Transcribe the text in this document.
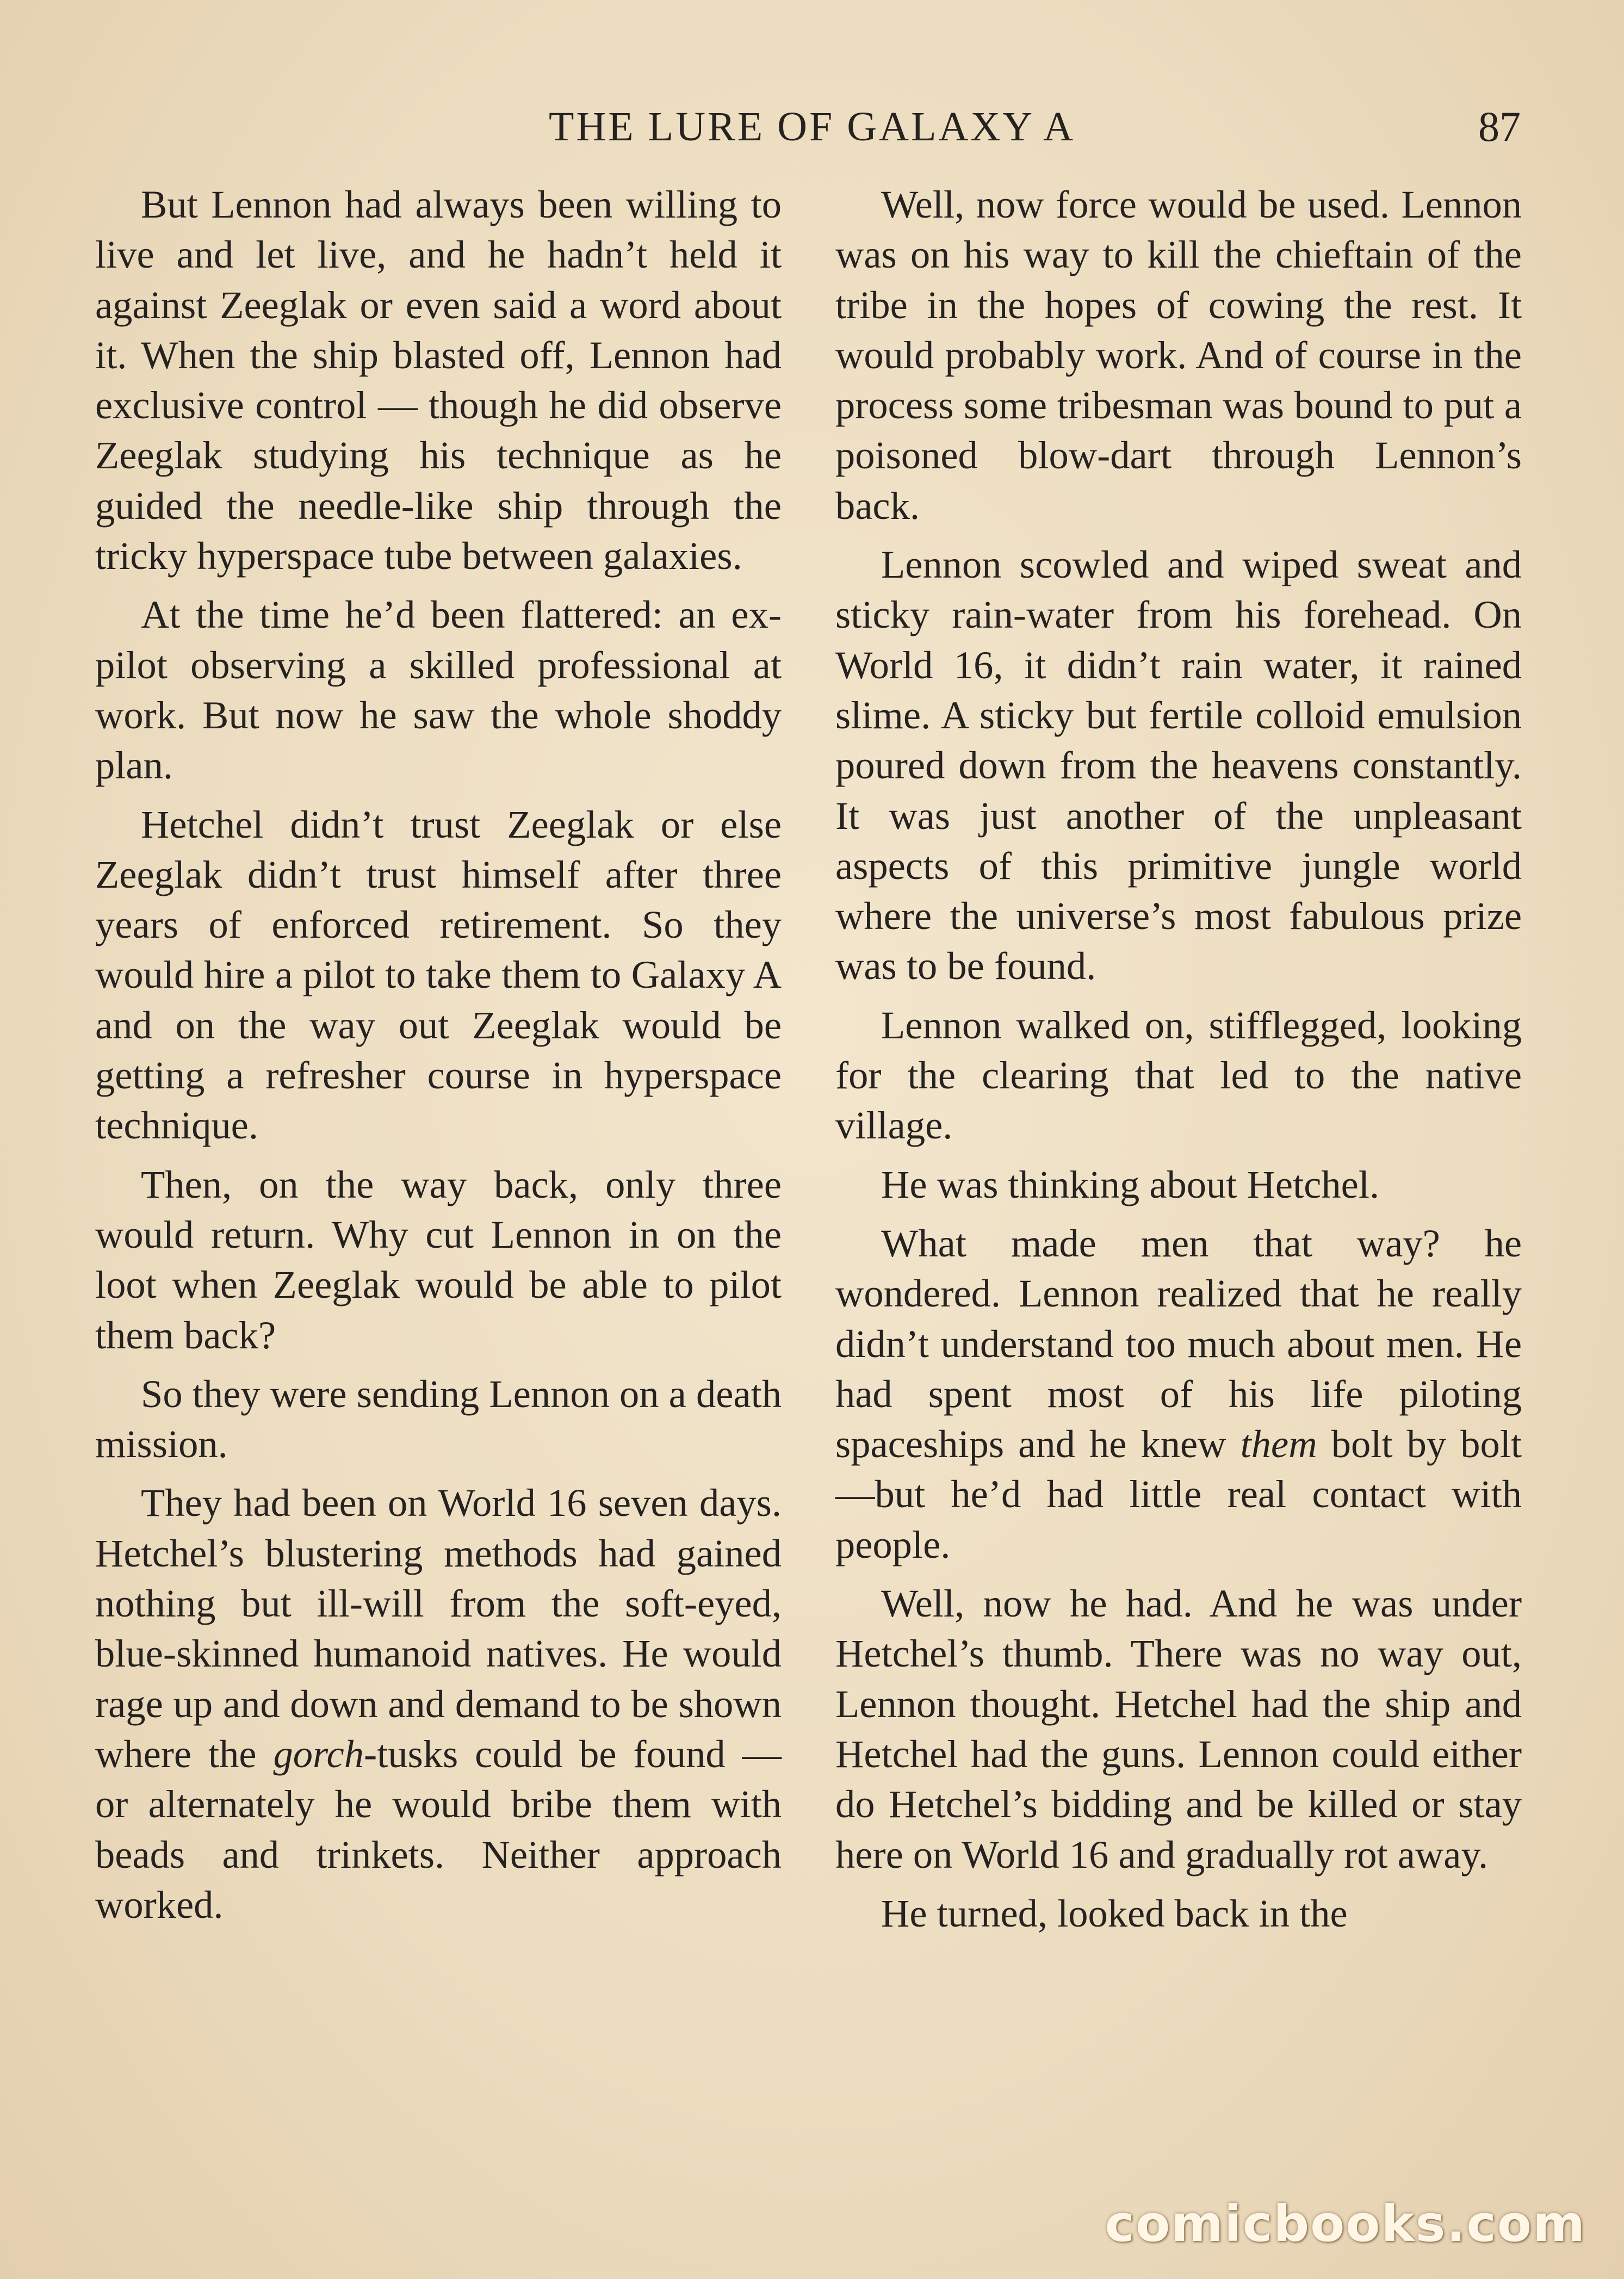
THE LURE OF GALAXY A	87

But Lennon had always been willing to live and let live, and he hadn’t held it against Zeeglak or even said a word about it. When the ship blasted off, Lennon had exclusive control — though he did observe Zeeglak studying his technique as he guided the needle-like ship through the tricky hyperspace tube between galaxies.

At the time he’d been flattered: an ex-pilot observing a skilled professional at work. But now he saw the whole shoddy plan.

Hetchel didn’t trust Zeeglak or else Zeeglak didn’t trust himself after three years of enforced retirement. So they would hire a pilot to take them to Galaxy A and on the way out Zeeglak would be getting a refresher course in hyperspace technique.

Then, on the way back, only three would return. Why cut Lennon in on the loot when Zeeglak would be able to pilot them back?

So they were sending Lennon on a death mission.

They had been on World 16 seven days. Hetchel’s blustering methods had gained nothing but ill-will from the soft-eyed, blue-skinned humanoid natives. He would rage up and down and demand to be shown where the gorch-tusks could be found — or alternately he would bribe them with beads and trinkets. Neither approach worked.

Well, now force would be used. Lennon was on his way to kill the chieftain of the tribe in the hopes of cowing the rest. It would probably work. And of course in the process some tribesman was bound to put a poisoned blow-dart through Lennon’s back.

Lennon scowled and wiped sweat and sticky rain-water from his forehead. On World 16, it didn’t rain water, it rained slime. A sticky but fertile colloid emulsion poured down from the heavens constantly. It was just another of the unpleasant aspects of this primitive jungle world where the universe’s most fabulous prize was to be found.

Lennon walked on, stifflegged, looking for the clearing that led to the native village.

He was thinking about Hetchel.

What made men that way? he wondered. Lennon realized that he really didn’t understand too much about men. He had spent most of his life piloting spaceships and he knew them bolt by bolt—but he’d had little real contact with people.

Well, now he had. And he was under Hetchel’s thumb. There was no way out, Lennon thought. Hetchel had the ship and Hetchel had the guns. Lennon could either do Hetchel’s bidding and be killed or stay here on World 16 and gradually rot away.

He turned, looked back in the

comicbooks.com
